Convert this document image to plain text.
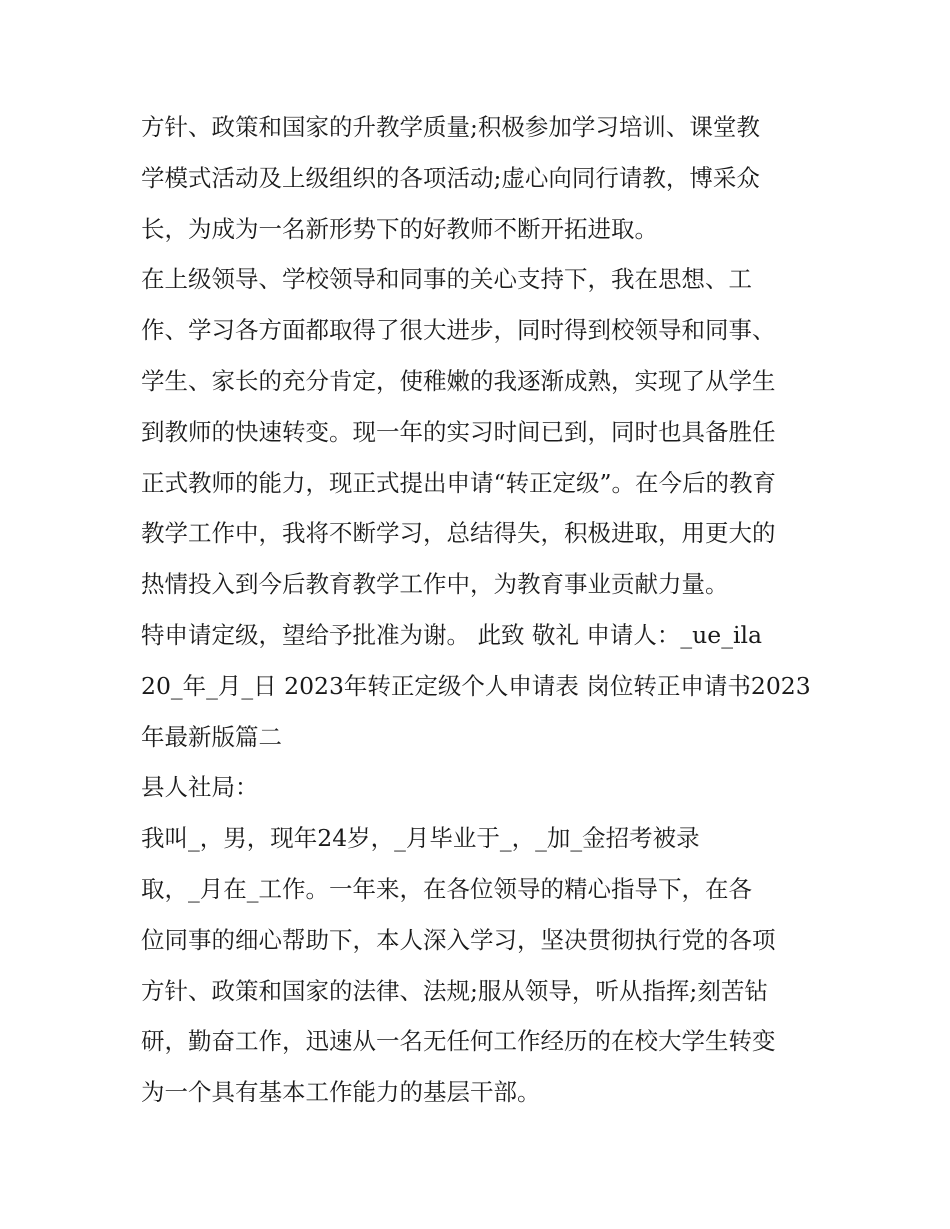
方针、政策和国家的升教学质量;积极参加学习培训、课堂教
学模式活动及上级组织的各项活动;虚心向同行请教，博采众
长，为成为一名新形势下的好教师不断开拓进取。
在上级领导、学校领导和同事的关心支持下，我在思想、工
作、学习各方面都取得了很大进步，同时得到校领导和同事、
学生、家长的充分肯定，使稚嫩的我逐渐成熟，实现了从学生
到教师的快速转变。现一年的实习时间已到，同时也具备胜任
正式教师的能力，现正式提出申请“转正定级”。在今后的教育
教学工作中，我将不断学习，总结得失，积极进取，用更大的
热情投入到今后教育教学工作中，为教育事业贡献力量。
特申请定级，望给予批准为谢。 此致 敬礼 申请人：_ue_ila
20_年_月_日 2023年转正定级个人申请表 岗位转正申请书2023
年最新版篇二
县人社局：
我叫_，男，现年24岁，_月毕业于_，_加_金招考被录
取，_月在_工作。一年来，在各位领导的精心指导下，在各
位同事的细心帮助下，本人深入学习，坚决贯彻执行党的各项
方针、政策和国家的法律、法规;服从领导，听从指挥;刻苦钻
研，勤奋工作，迅速从一名无任何工作经历的在校大学生转变
为一个具有基本工作能力的基层干部。
